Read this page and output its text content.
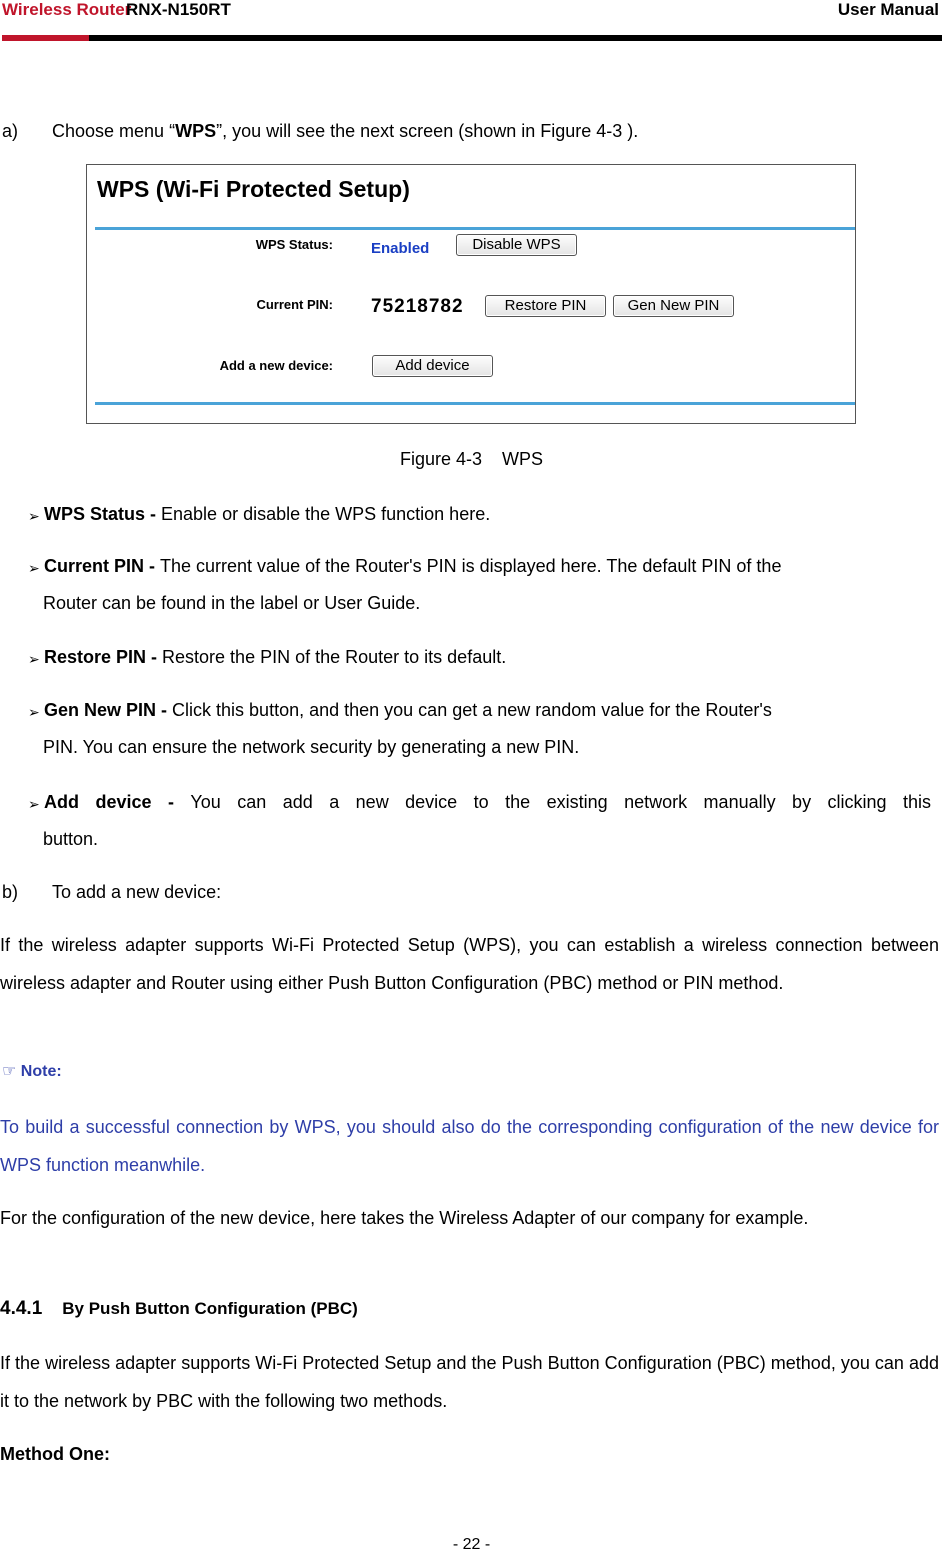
Wireless Router
RNX-N150RT	User Manual
a) Choose menu “WPS”, you will see the next screen (shown in Figure 4-3 ).
WPS (Wi-Fi Protected Setup)
WPS Status:	Enabled	Disable WPS
Current PIN: 75218782	Restore PIN	Gen New PIN
Add a new device:	Add device
Figure 4-3    WPS
➢ WPS Status - Enable or disable the WPS function here.
➢ Current PIN - The current value of the Router's PIN is displayed here. The default PIN of the
Router can be found in the label or User Guide.
➢ Restore PIN - Restore the PIN of the Router to its default.
➢ Gen New PIN - Click this button, and then you can get a new random value for the Router's
PIN. You can ensure the network security by generating a new PIN.
➢ Add device - You can add a new device to the existing network manually by clicking this
button.
b) To add a new device:
If the wireless adapter supports Wi-Fi Protected Setup (WPS), you can establish a wireless connection between wireless adapter and Router using either Push Button Configuration (PBC) method or PIN method.
☞ Note:
To build a successful connection by WPS, you should also do the corresponding configuration of the new device for WPS function meanwhile.
For the configuration of the new device, here takes the Wireless Adapter of our company for example.
4.4.1 By Push Button Configuration (PBC)
If the wireless adapter supports Wi-Fi Protected Setup and the Push Button Configuration (PBC) method, you can add it to the network by PBC with the following two methods.
Method One:
- 22 -
